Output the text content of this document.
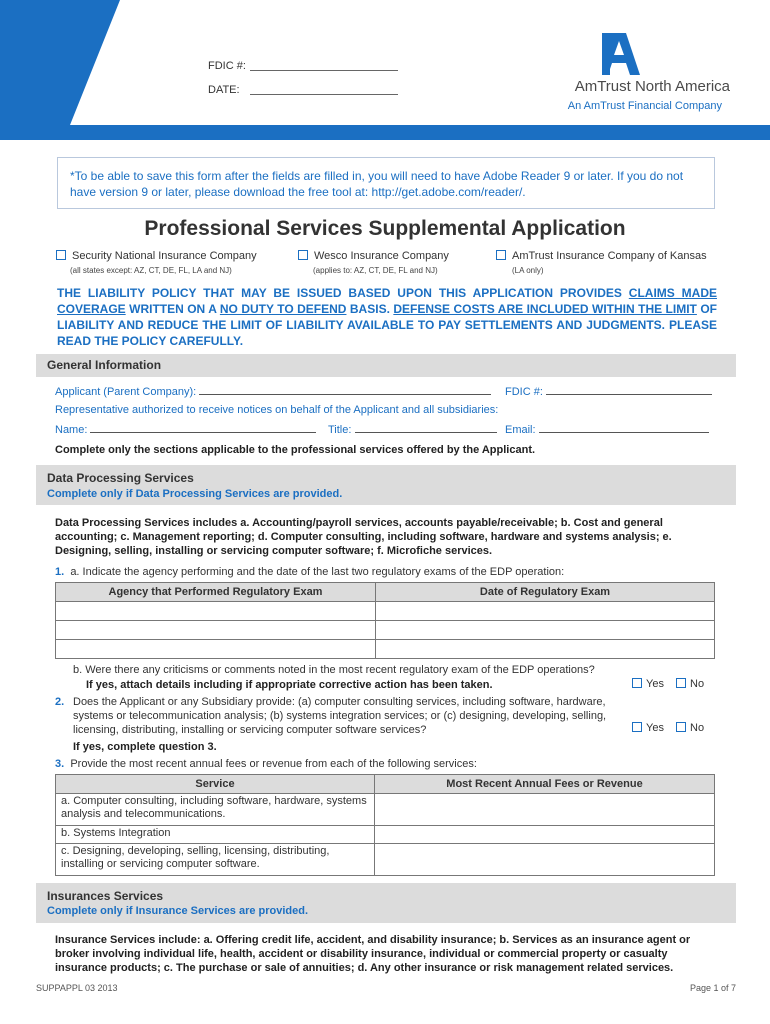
FDIC #:
DATE:	AmTrust North America
An AmTrust Financial Company
*To be able to save this form after the fields are filled in, you will need to have Adobe Reader 9 or later. If you do not have version 9 or later, please download the free tool at: http://get.adobe.com/reader/.
Professional Services Supplemental Application
Security National Insurance Company
(all states except: AZ, CT, DE, FL, LA and NJ)
Wesco Insurance Company
(applies to: AZ, CT, DE, FL and NJ)
AmTrust Insurance Company of Kansas
(LA only)
THE LIABILITY POLICY THAT MAY BE ISSUED BASED UPON THIS APPLICATION PROVIDES CLAIMS MADE COVERAGE WRITTEN ON A NO DUTY TO DEFEND BASIS. DEFENSE COSTS ARE INCLUDED WITHIN THE LIMIT OF LIABILITY AND REDUCE THE LIMIT OF LIABILITY AVAILABLE TO PAY SETTLEMENTS AND JUDGMENTS. PLEASE READ THE POLICY CAREFULLY.
General Information
Applicant (Parent Company):	FDIC #:
Representative authorized to receive notices on behalf of the Applicant and all subsidiaries:
Name:	Title:	Email:
Complete only the sections applicable to the professional services offered by the Applicant.
Data Processing Services
Complete only if Data Processing Services are provided.
Data Processing Services includes a. Accounting/payroll services, accounts payable/receivable; b. Cost and general accounting; c. Management reporting; d. Computer consulting, including software, hardware and systems analysis; e. Designing, selling, installing or servicing computer software; f. Microfiche services.
1. a. Indicate the agency performing and the date of the last two regulatory exams of the EDP operation:
Agency that Performed Regulatory Exam	Date of Regulatory Exam

b. Were there any criticisms or comments noted in the most recent regulatory exam of the EDP operations?
If yes, attach details including if appropriate corrective action has been taken.	Yes	No
2. Does the Applicant or any Subsidiary provide: (a) computer consulting services, including software, hardware, systems or telecommunication analysis; (b) systems integration services; or (c) designing, developing, selling, licensing, distributing, installing or servicing computer software services?	Yes	No
If yes, complete question 3.
3. Provide the most recent annual fees or revenue from each of the following services:
Service	Most Recent Annual Fees or Revenue
a. Computer consulting, including software, hardware, systems analysis and telecommunications.	
b. Systems Integration	
c. Designing, developing, selling, licensing, distributing, installing or servicing computer software.	
Insurances Services
Complete only if Insurance Services are provided.
Insurance Services include: a. Offering credit life, accident, and disability insurance; b. Services as an insurance agent or broker involving individual life, health, accident or disability insurance, individual or commercial property or casualty insurance products; c. The purchase or sale of annuities; d. Any other insurance or risk management related services.
SUPPAPPL 03 2013	Page 1 of 7
